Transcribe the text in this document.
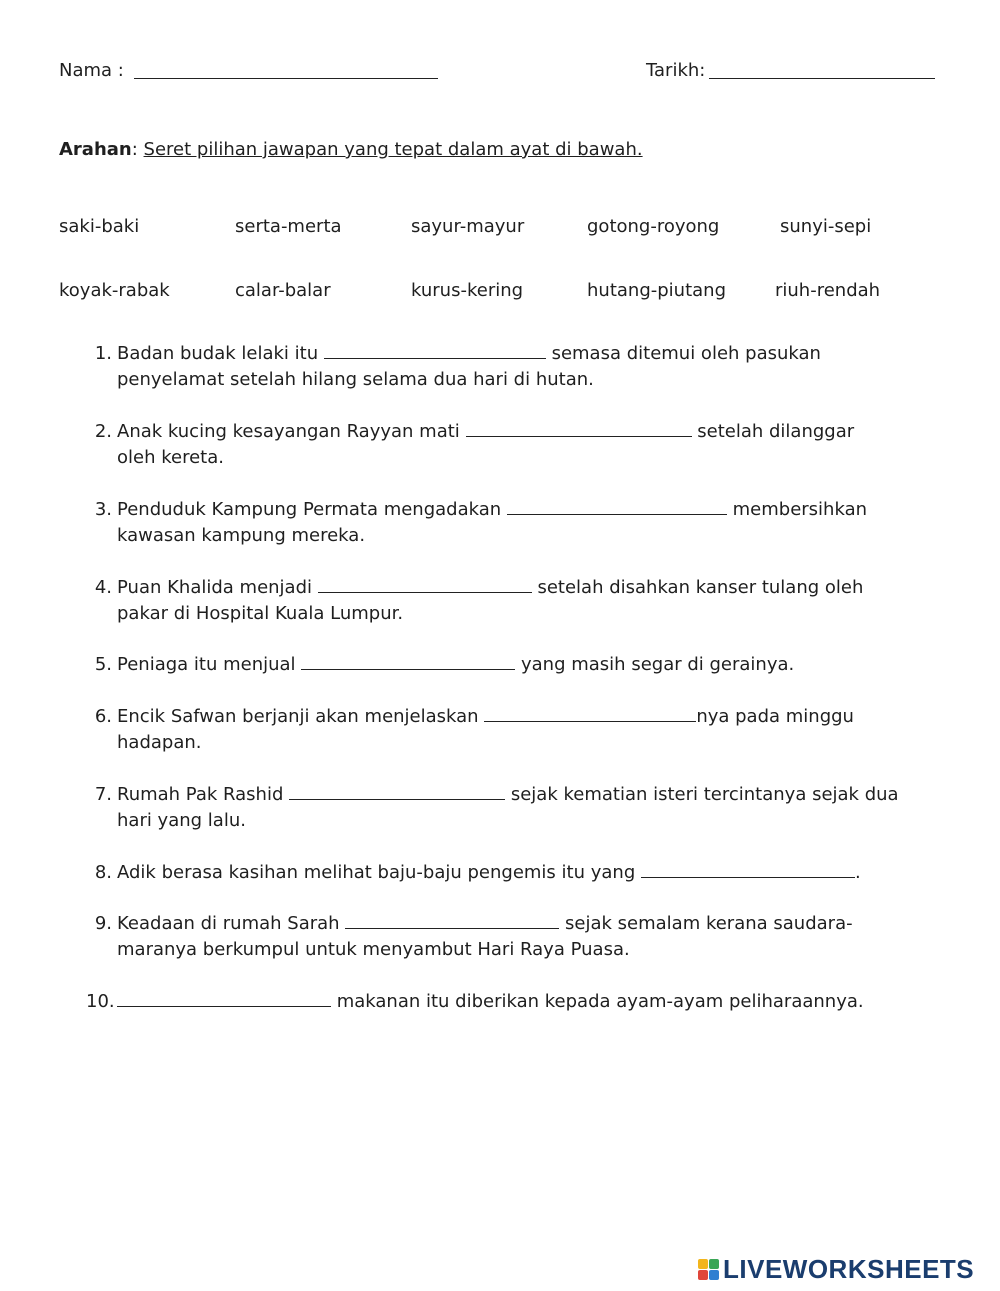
Nama :	Tarikh:
Arahan: Seret pilihan jawapan yang tepat dalam ayat di bawah.
saki-baki	serta-merta	sayur-mayur	gotong-royong	sunyi-sepi
koyak-rabak	calar-balar	kurus-kering	hutang-piutang	riuh-rendah
1. Badan budak lelaki itu	semasa ditemui oleh pasukan
penyelamat setelah hilang selama dua hari di hutan.
2. Anak kucing kesayangan Rayyan mati	setelah dilanggar
oleh kereta.
3. Penduduk Kampung Permata mengadakan	membersihkan
kawasan kampung mereka.
4. Puan Khalida menjadi	setelah disahkan kanser tulang oleh
pakar di Hospital Kuala Lumpur.
5. Peniaga itu menjual	yang masih segar di gerainya.
6. Encik Safwan berjanji akan menjelaskan	nya pada minggu
hadapan.
7. Rumah Pak Rashid	sejak kematian isteri tercintanya sejak dua
hari yang lalu.
8. Adik berasa kasihan melihat baju-baju pengemis itu yang	.
9. Keadaan di rumah Sarah	sejak semalam kerana saudara-
maranya berkumpul untuk menyambut Hari Raya Puasa.
10.	makanan itu diberikan kepada ayam-ayam peliharaannya.
LIVEWORKSHEETS
